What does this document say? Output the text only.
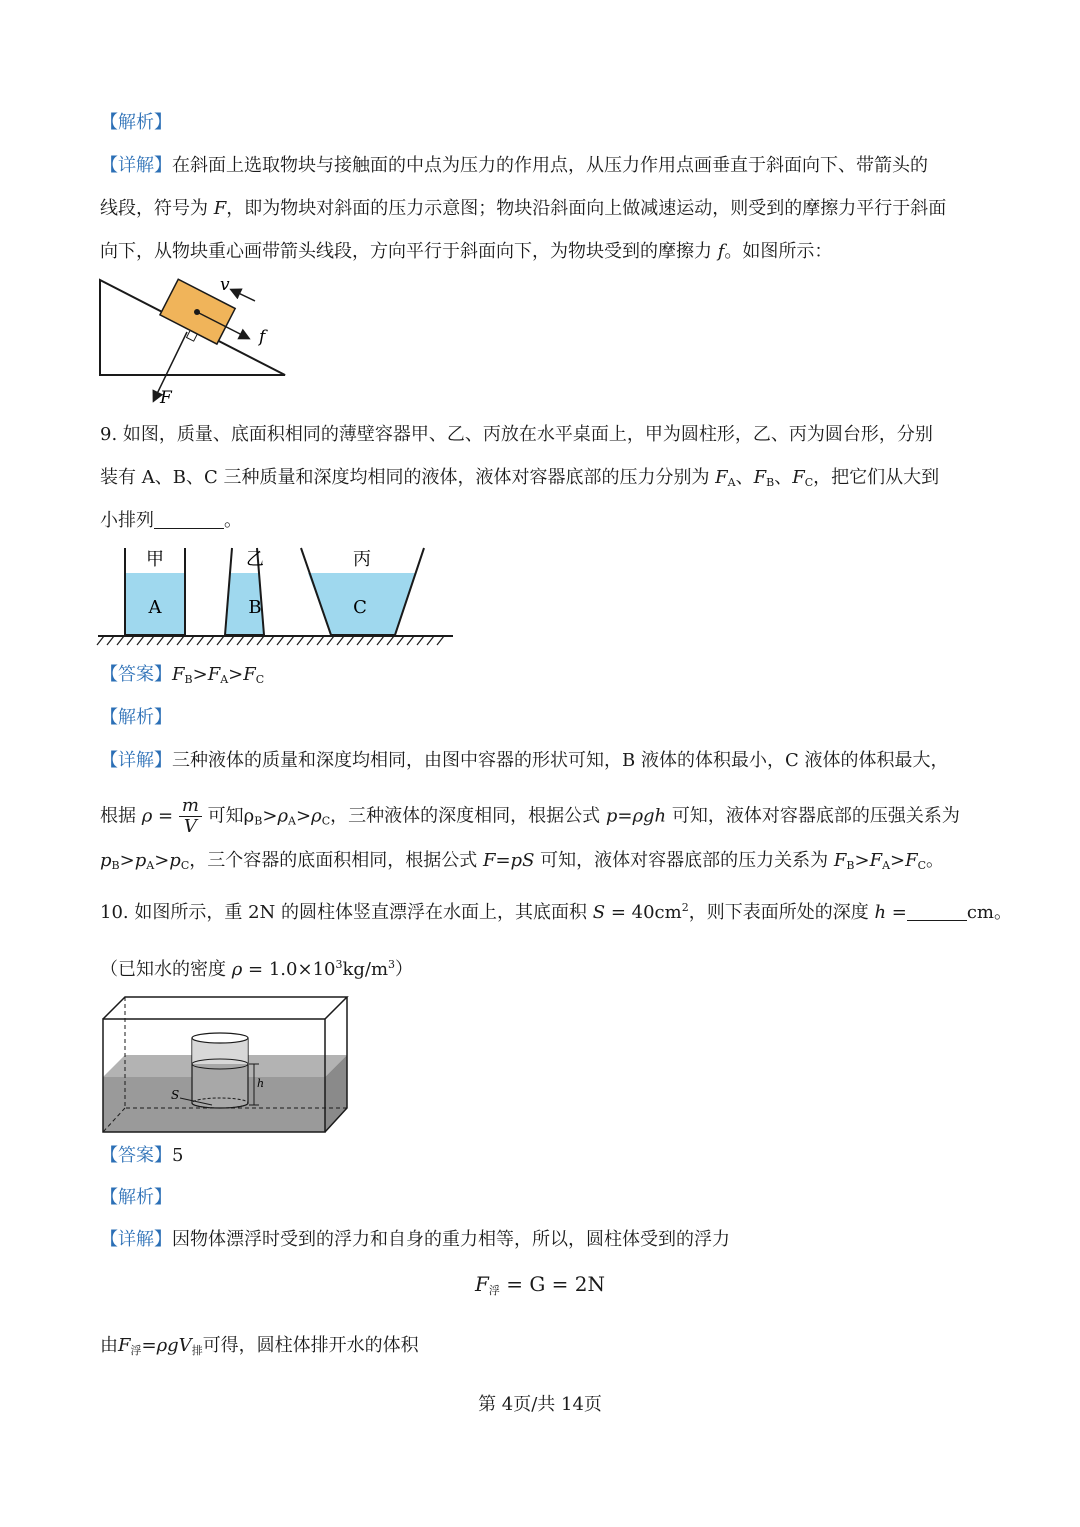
【解析】
【详解】在斜面上选取物块与接触面的中点为压力的作用点，从压力作用点画垂直于斜面向下、带箭头的
线段，符号为 F，即为物块对斜面的压力示意图；物块沿斜面向上做减速运动，则受到的摩擦力平行于斜面
向下，从物块重心画带箭头线段，方向平行于斜面向下，为物块受到的摩擦力 f。如图所示：
v
f
F
9. 如图，质量、底面积相同的薄壁容器甲、乙、丙放在水平桌面上，甲为圆柱形，乙、丙为圆台形，分别
装有 A、B、C 三种质量和深度均相同的液体，液体对容器底部的压力分别为 $F_A$、$F_B$、$F_C$，把它们从大到
小排列	。
甲	乙	丙
A	B	C
【答案】$F_B>F_A>F_C$
【解析】
【详解】三种液体的质量和深度均相同，由图中容器的形状可知，B 液体的体积最小，C 液体的体积最大，
根据 $\rho = \frac{m}{V}$ 可知$\rho_B>\rho_A>\rho_C$，三种液体的深度相同，根据公式 p=ρgh 可知，液体对容器底部的压强关系为
$p_B>p_A>p_C$，三个容器的底面积相同，根据公式 F=pS 可知，液体对容器底部的压力关系为 $F_B>F_A>F_C$。
10. 如图所示，重 2N 的圆柱体竖直漂浮在水面上，其底面积 $S = 40cm^2$，则下表面所处的深度 h =	cm。
（已知水的密度 $\rho = 1.0\times 10^3kg/m^3$）
h
S
【答案】5
【解析】
【详解】因物体漂浮时受到的浮力和自身的重力相等，所以，圆柱体受到的浮力
$F_浮 = G = 2N$
由$F_浮=\rho gV_排$可得，圆柱体排开水的体积
第 4页/共 14页
